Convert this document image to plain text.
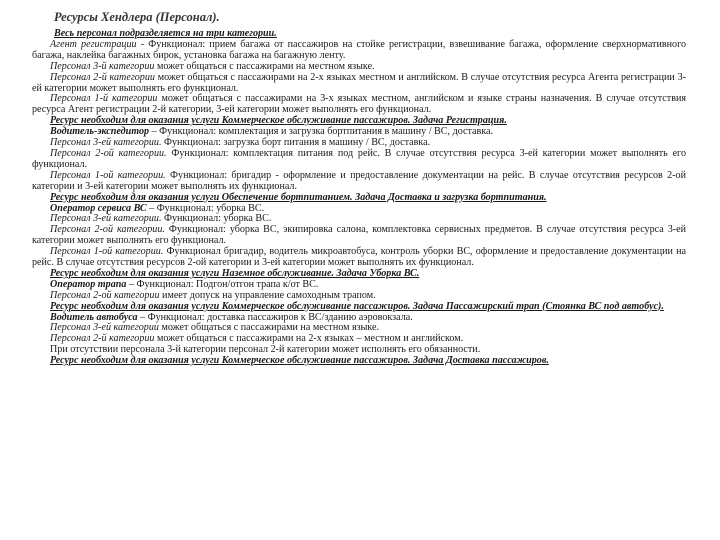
Ресурсы Хендлера (Персонал).

Весь персонал подразделяется на три категории.

Агент регистрации - Функционал: прием багажа от пассажиров на стойке регистрации, взвешивание багажа, оформление сверхнормативного багажа, наклейка багажных бирок, установка багажа на багажную ленту.

Персонал 3-й категории может общаться с пассажирами на местном языке.

Персонал 2-й категории может общаться с пассажирами на 2-х языках местном и английском. В случае отсутствия ресурса Агента регистрации 3-ей категории может выполнять его функционал.

Персонал 1-й категории может общаться с пассажирами на 3-х языках местном, английском и языке страны назначения. В случае отсутствия ресурса Агент регистрации 2-й категории, 3-ей категории может выполнять его функционал.

Ресурс необходим для оказания услуги Коммерческое обслуживание пассажиров. Задача Регистрация.

Водитель-экспедитор – Функционал: комплектация и загрузка бортпитания в машину / ВС, доставка.

Персонал 3-ей категории. Функционал: загрузка борт питания в машину / ВС, доставка.

Персонал 2-ой категории. Функционал: комплектация питания под рейс. В случае отсутствия ресурса 3-ей категории может выполнять его функционал.

Персонал 1-ой категории. Функционал: бригадир - оформление и предоставление документации на рейс. В случае отсутствия ресурсов 2-ой категории и 3-ей категории может выполнять их функционал.

Ресурс необходим для оказания услуги Обеспечение бортпитанием. Задача Доставка и загрузка бортпитания.

Оператор сервиса ВС – Функционал: уборка ВС.

Персонал 3-ей категории. Функционал: уборка ВС.

Персонал 2-ой категории. Функционал: уборка ВС, экипировка салона, комплектовка сервисных предметов. В случае отсутствия ресурса 3-ей категории может выполнять его функционал.

Персонал 1-ой категории. Функционал бригадир, водитель микроавтобуса, контроль уборки ВС, оформление и предоставление документации на рейс. В случае отсутствия ресурсов 2-ой категории и 3-ей категории может выполнять их функционал.

Ресурс необходим для оказания услуги Наземное обслуживание. Задача Уборка ВС.

Оператор трапа – Функционал: Подгон/отгон трапа к/от ВС.

Персонал 2-ой категории имеет допуск на управление самоходным трапом.

Ресурс необходим для оказания услуги Коммерческое обслуживание пассажиров. Задача Пассажирский трап (Стоянка ВС под автобус).

Водитель автобуса – Функционал: доставка пассажиров к ВС/зданию аэровокзала.

Персонал 3-ей категории может общаться с пассажирами на местном языке.

Персонал 2-й категории может общаться с пассажирами на 2-х языках – местном и английском.

При отсутствии персонала 3-й категории персонал 2-й категории может исполнять его обязанности.

Ресурс необходим для оказания услуги Коммерческое обслуживание пассажиров. Задача Доставка пассажиров.
